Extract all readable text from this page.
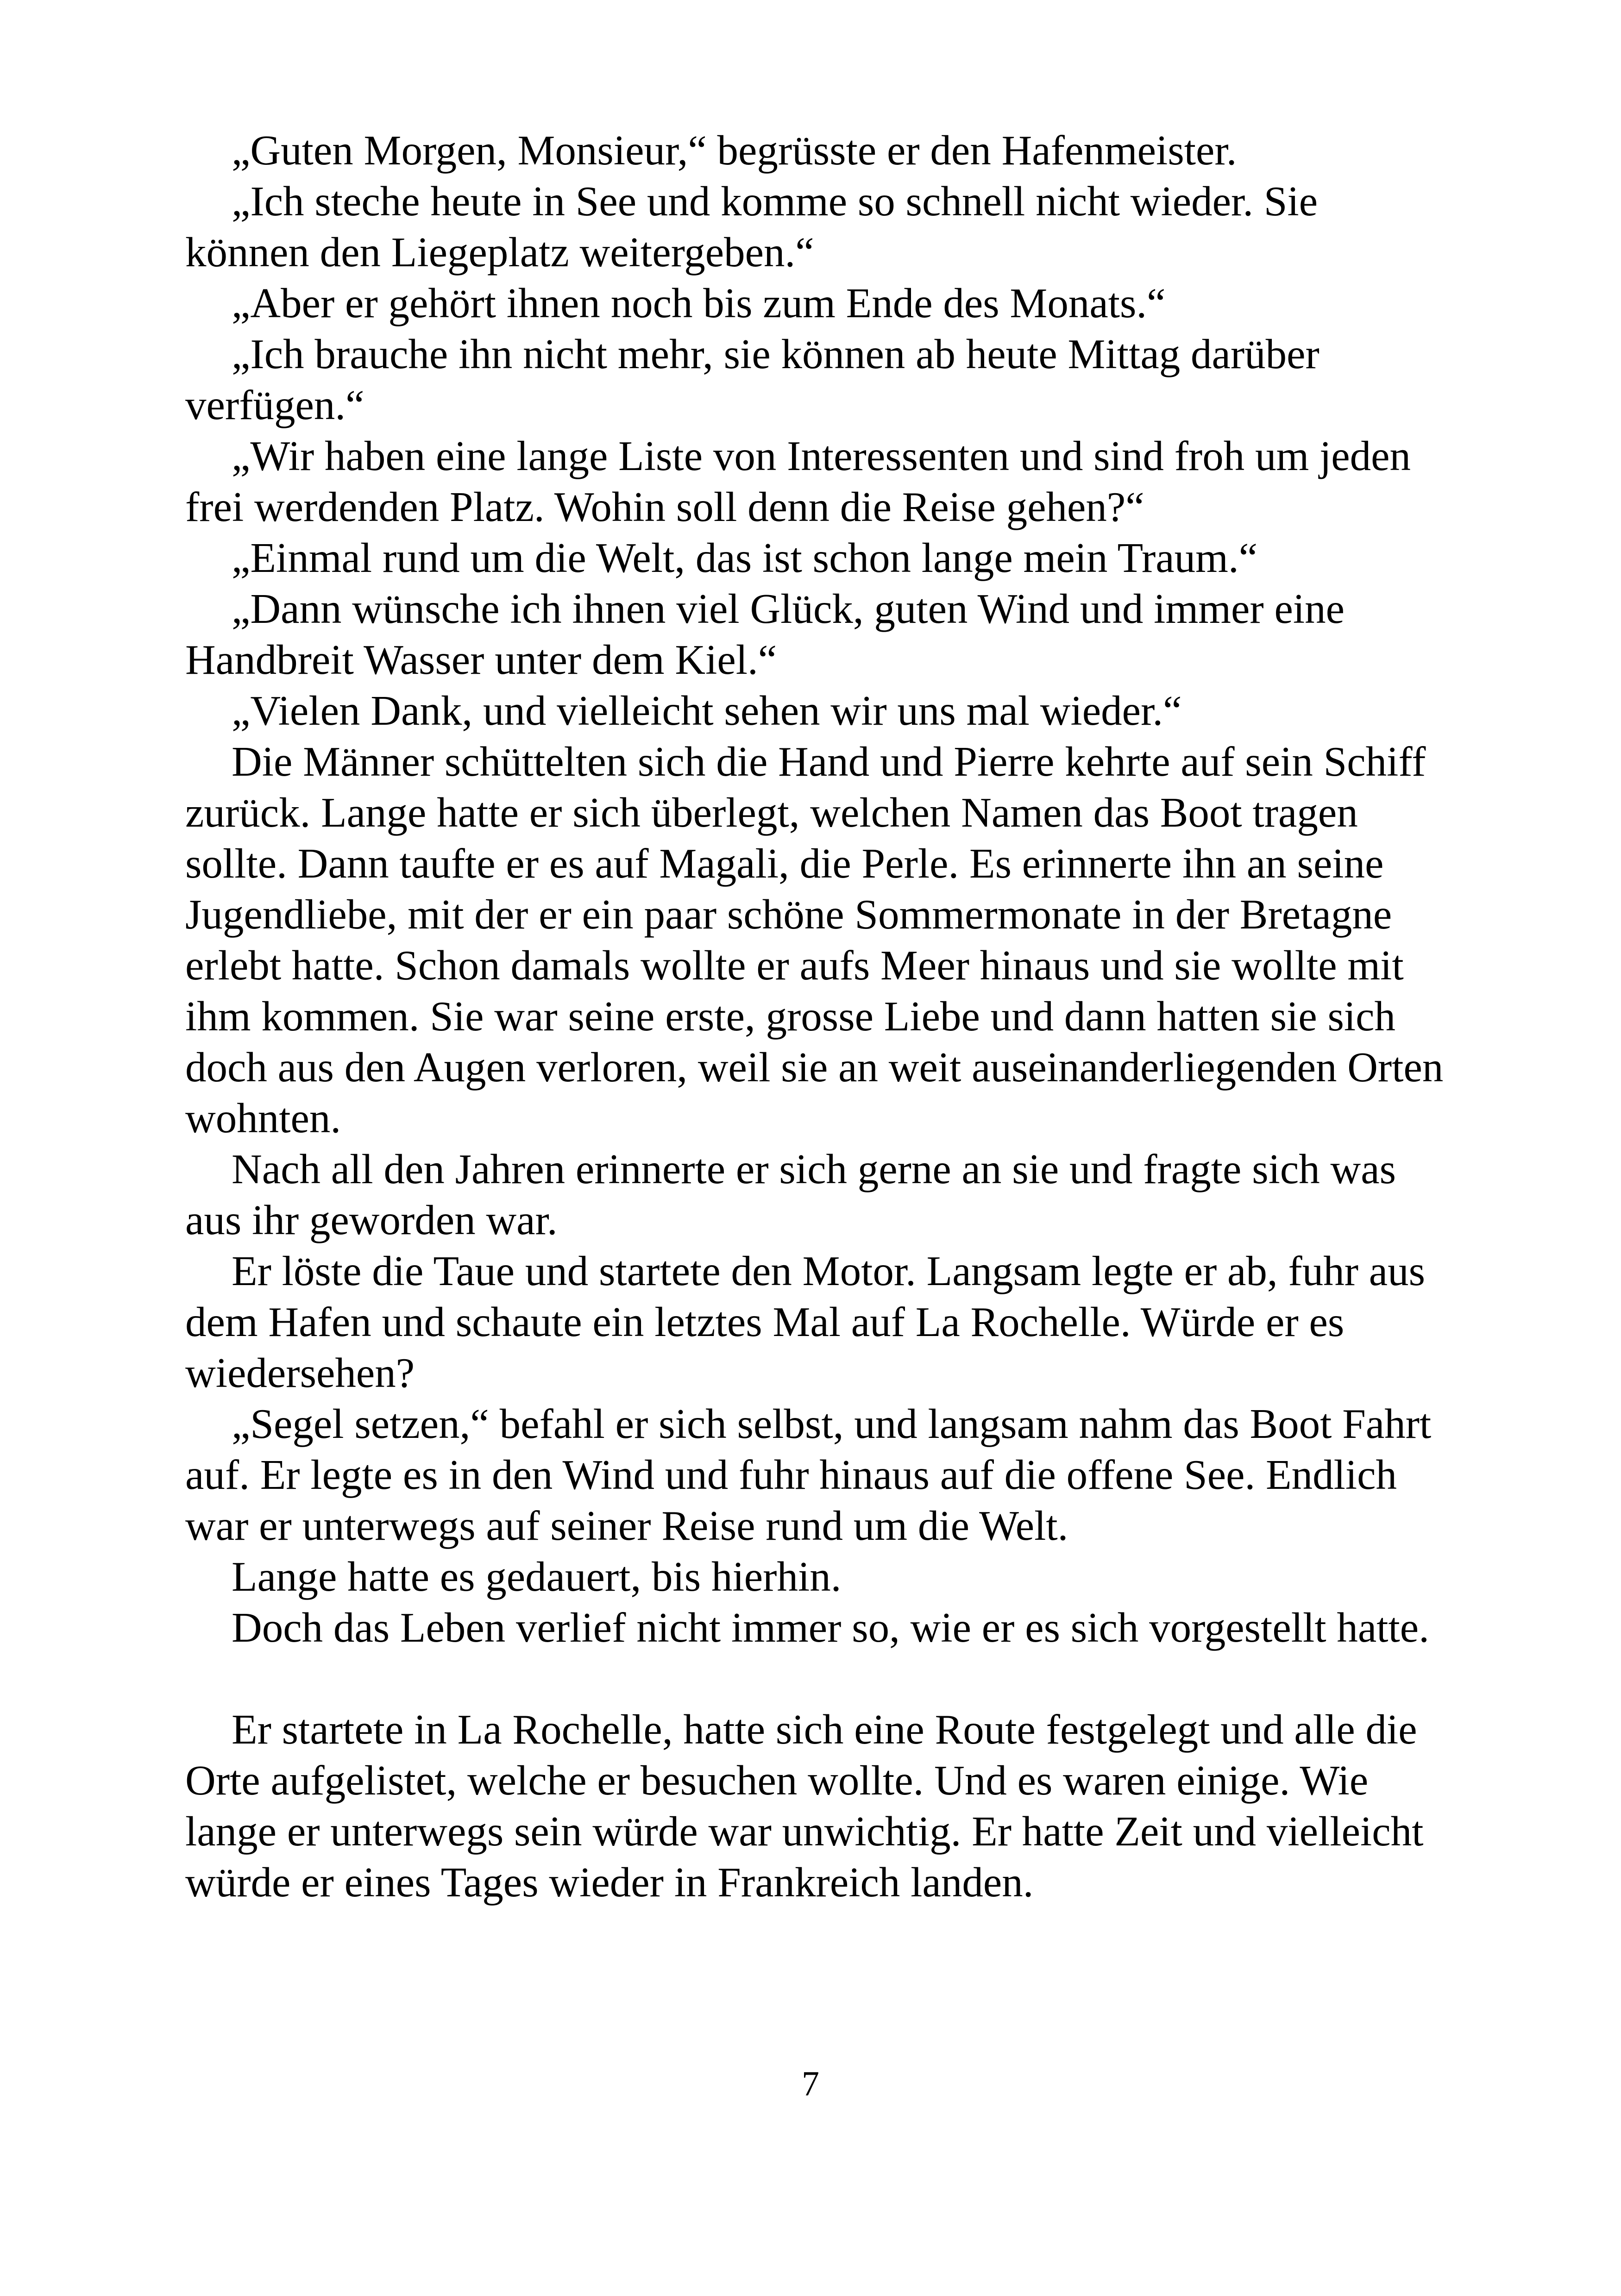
„Guten Morgen, Monsieur,“ begrüsste er den Hafenmeister.

„Ich steche heute in See und komme so schnell nicht wieder. Sie können den Liegeplatz weitergeben.“

„Aber er gehört ihnen noch bis zum Ende des Monats.“

„Ich brauche ihn nicht mehr, sie können ab heute Mittag darüber verfügen.“

„Wir haben eine lange Liste von Interessenten und sind froh um jeden frei werdenden Platz. Wohin soll denn die Reise gehen?“

„Einmal rund um die Welt, das ist schon lange mein Traum.“

„Dann wünsche ich ihnen viel Glück, guten Wind und immer eine Handbreit Wasser unter dem Kiel.“

„Vielen Dank, und vielleicht sehen wir uns mal wieder.“

Die Männer schüttelten sich die Hand und Pierre kehrte auf sein Schiff zurück. Lange hatte er sich überlegt, welchen Namen das Boot tragen sollte. Dann taufte er es auf Magali, die Perle. Es erinnerte ihn an seine Jugendliebe, mit der er ein paar schöne Sommermonate in der Bretagne erlebt hatte. Schon damals wollte er aufs Meer hinaus und sie wollte mit ihm kommen. Sie war seine erste, grosse Liebe und dann hatten sie sich doch aus den Augen verloren, weil sie an weit auseinanderliegenden Orten wohnten.

Nach all den Jahren erinnerte er sich gerne an sie und fragte sich was aus ihr geworden war.

Er löste die Taue und startete den Motor. Langsam legte er ab, fuhr aus dem Hafen und schaute ein letztes Mal auf La Rochelle. Würde er es wiedersehen?

„Segel setzen,“ befahl er sich selbst, und langsam nahm das Boot Fahrt auf. Er legte es in den Wind und fuhr hinaus auf die offene See. Endlich war er unterwegs auf seiner Reise rund um die Welt.

Lange hatte es gedauert, bis hierhin.

Doch das Leben verlief nicht immer so, wie er es sich vorgestellt hatte.

Er startete in La Rochelle, hatte sich eine Route festgelegt und alle die Orte aufgelistet, welche er besuchen wollte. Und es waren einige. Wie lange er unterwegs sein würde war unwichtig. Er hatte Zeit und vielleicht würde er eines Tages wieder in Frankreich landen.

7
